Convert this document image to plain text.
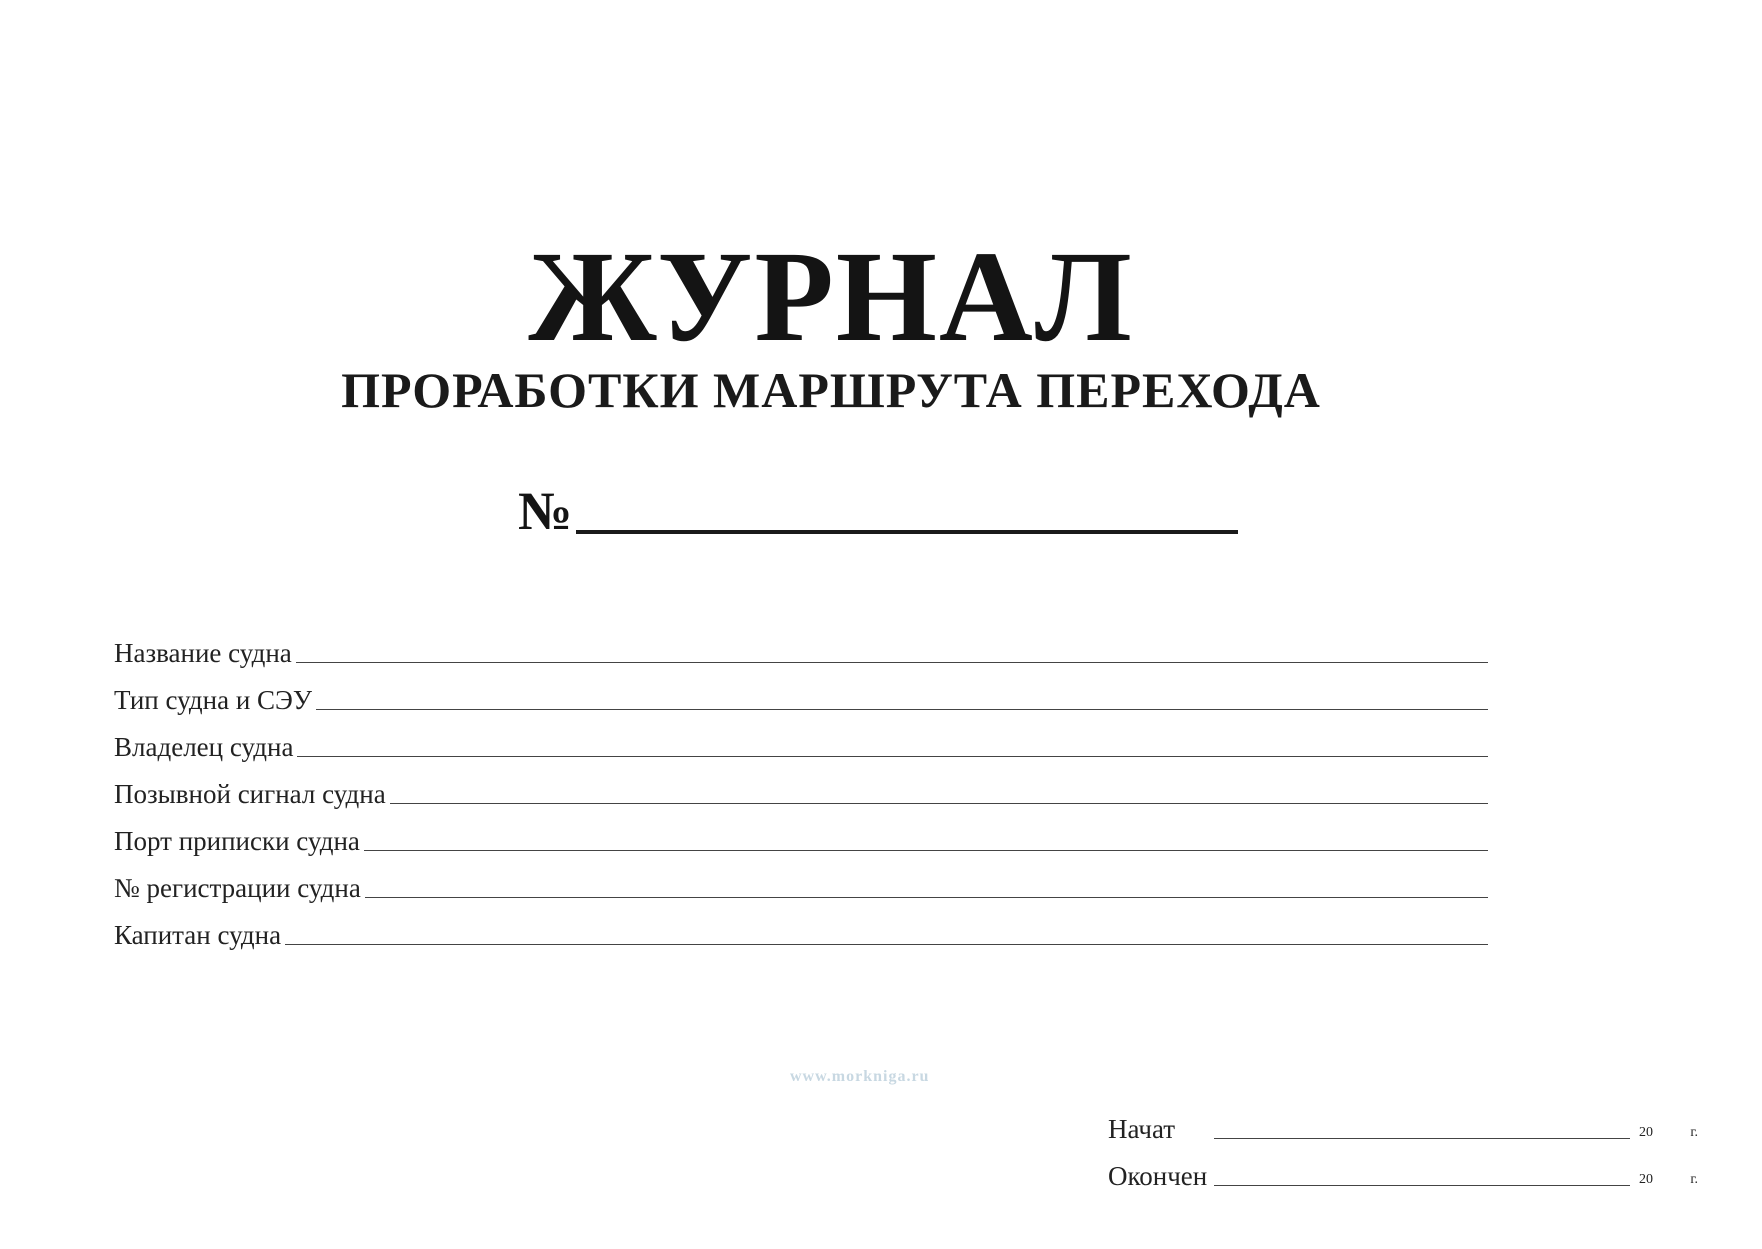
ЖУРНАЛ
ПРОРАБОТКИ МАРШРУТА ПЕРЕХОДА
№
Название судна
Тип судна и СЭУ
Владелец судна
Позывной сигнал судна
Порт приписки судна
№ регистрации судна
Капитан судна
www.morkniga.ru
Начат	20	г.
Окончен	20	г.
